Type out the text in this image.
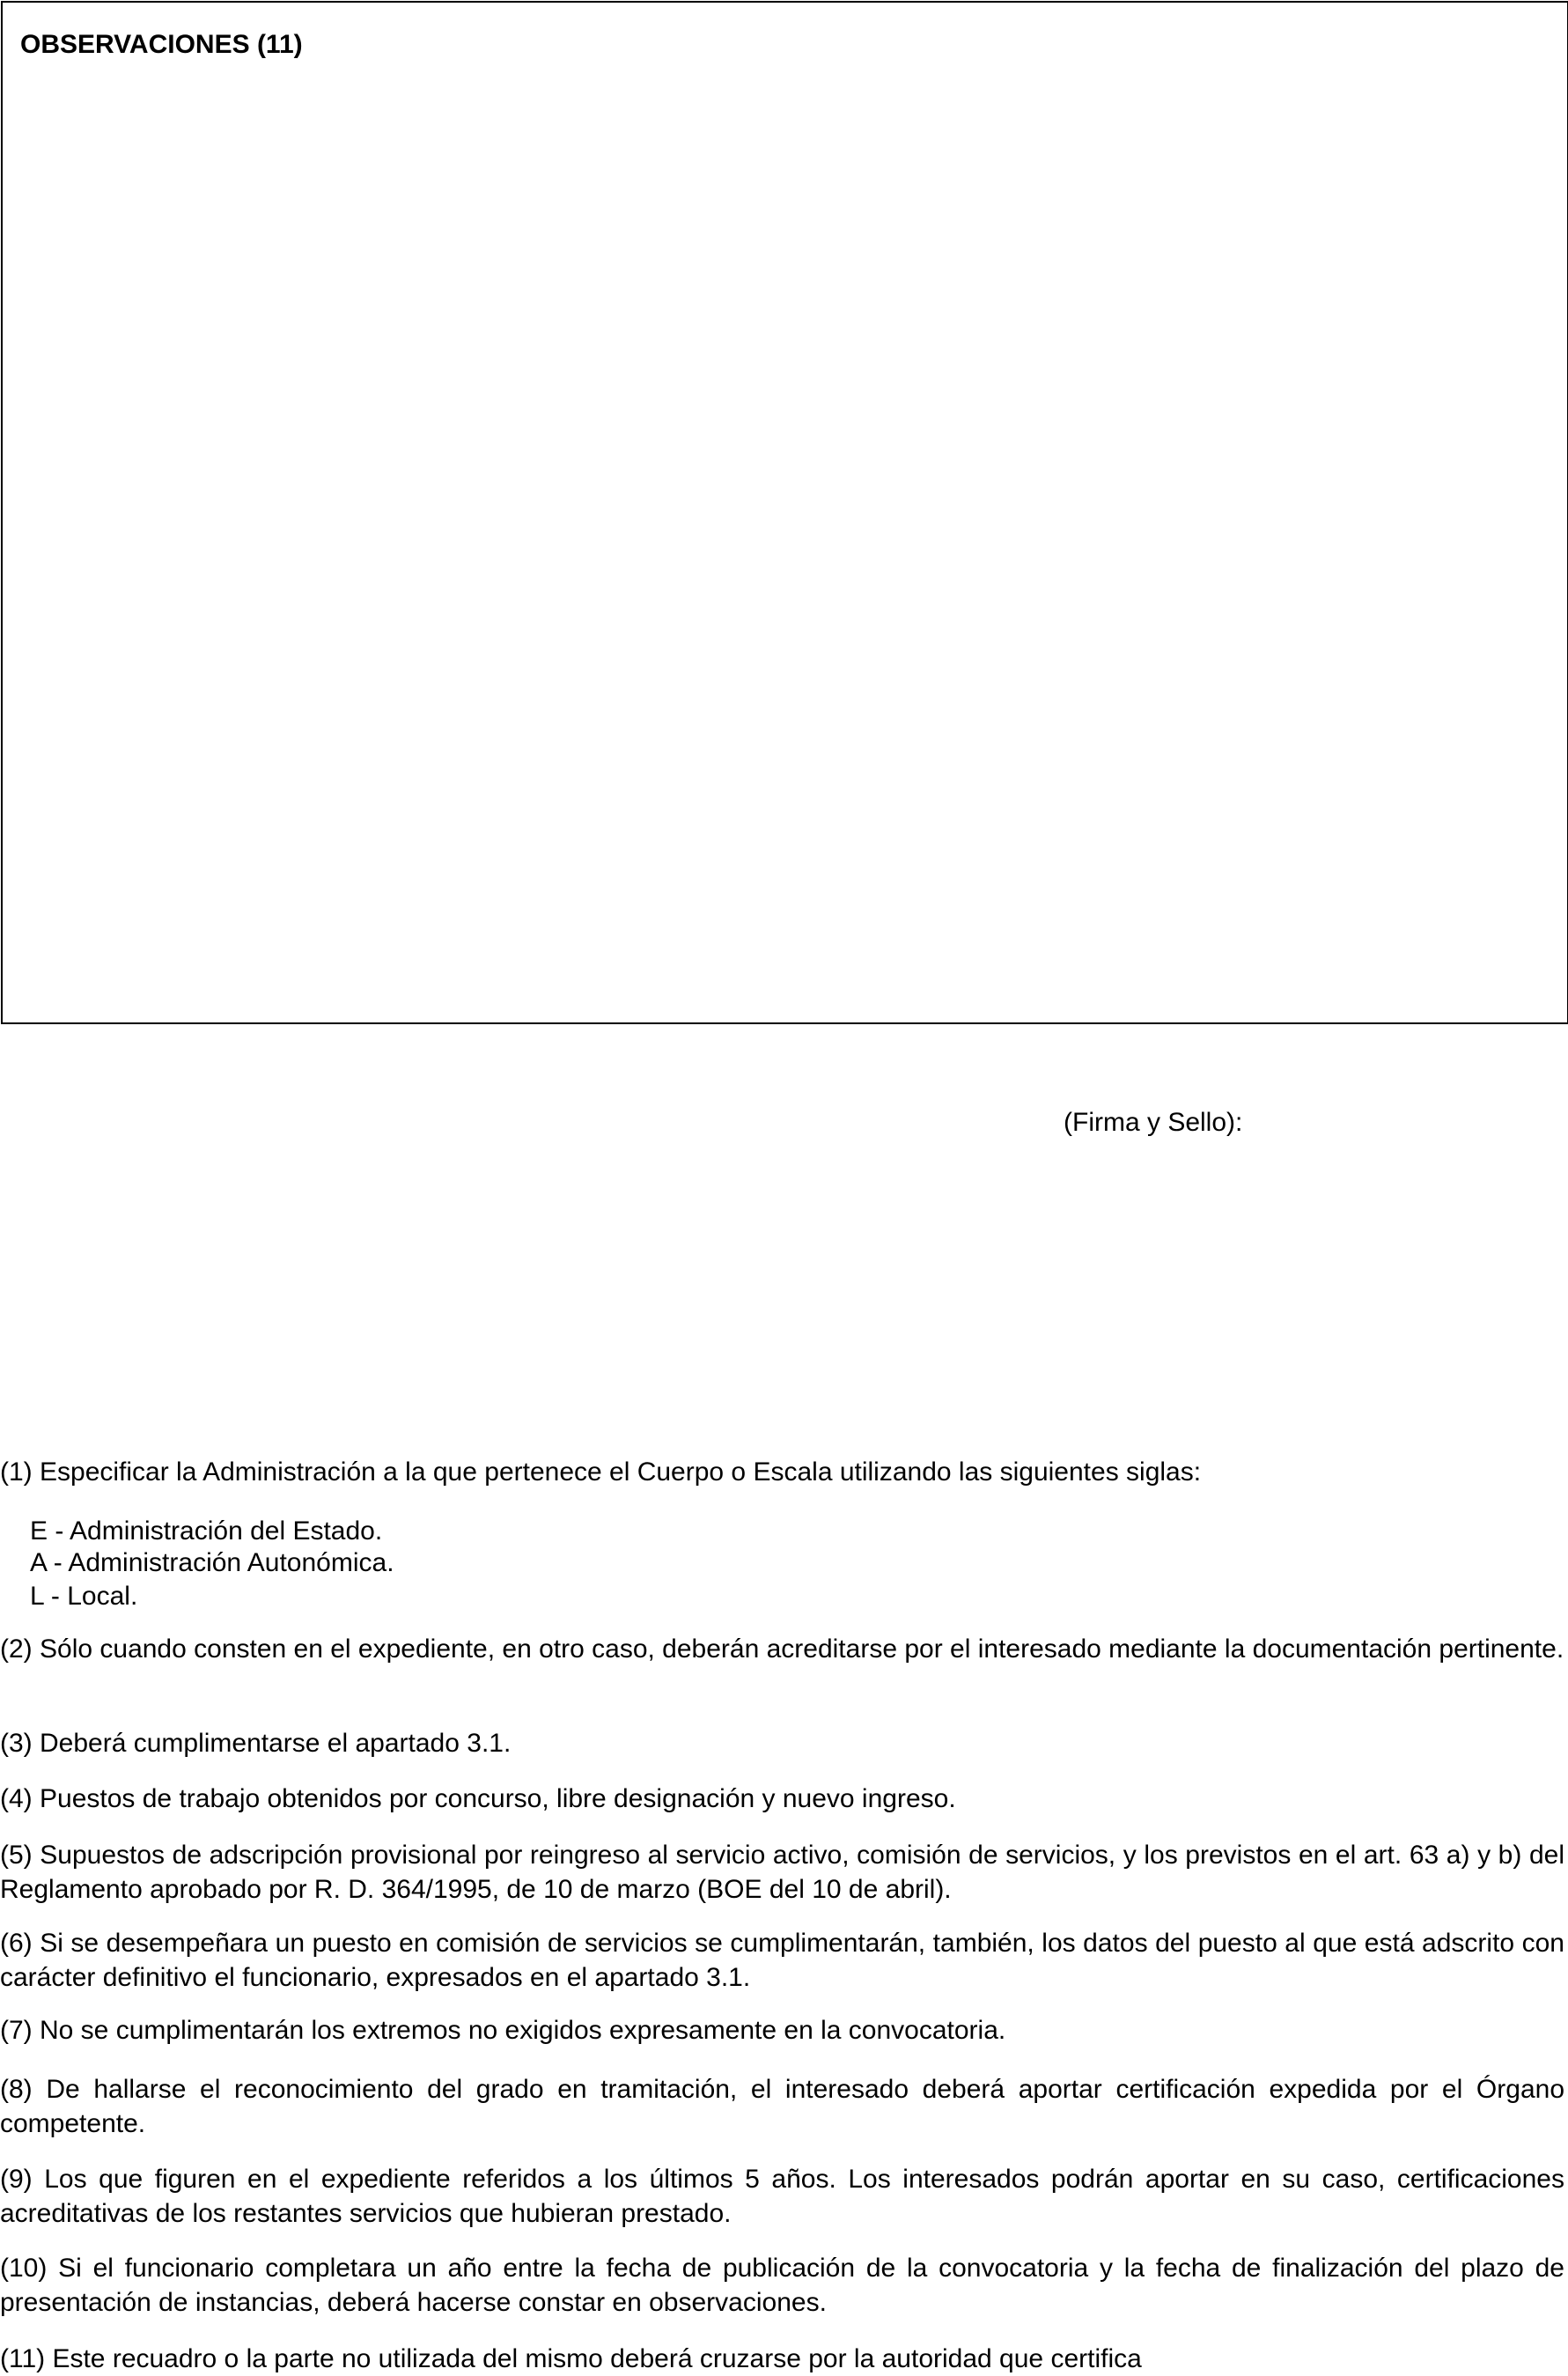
OBSERVACIONES (11)
(Firma y Sello):
(1) Especificar la Administración a la que pertenece el Cuerpo o Escala utilizando las siguientes siglas:
E - Administración del Estado.
A - Administración Autonómica.
L - Local.
(2) Sólo cuando consten en el expediente, en otro caso, deberán acreditarse por el interesado mediante la documentación pertinente.
(3) Deberá cumplimentarse el apartado 3.1.
(4) Puestos de trabajo obtenidos por concurso, libre designación y nuevo ingreso.
(5) Supuestos de adscripción provisional por reingreso al servicio activo, comisión de servicios, y los previstos en el art. 63 a) y b) del Reglamento aprobado por R. D. 364/1995, de 10 de marzo (BOE del 10 de abril).
(6) Si se desempeñara un puesto en comisión de servicios se cumplimentarán, también, los datos del puesto al que está adscrito con carácter definitivo el funcionario, expresados en el apartado 3.1.
(7) No se cumplimentarán los extremos no exigidos expresamente en la convocatoria.
(8) De hallarse el reconocimiento del grado en tramitación, el interesado deberá aportar certificación expedida por el Órgano competente.
(9) Los que figuren en el expediente referidos a los últimos 5 años. Los interesados podrán aportar en su caso, certificaciones acreditativas de los restantes servicios que hubieran prestado.
(10) Si el funcionario completara un año entre la fecha de publicación de la convocatoria y la fecha de finalización del plazo de presentación de instancias, deberá hacerse constar en observaciones.
(11) Este recuadro o la parte no utilizada del mismo deberá cruzarse por la autoridad que certifica
